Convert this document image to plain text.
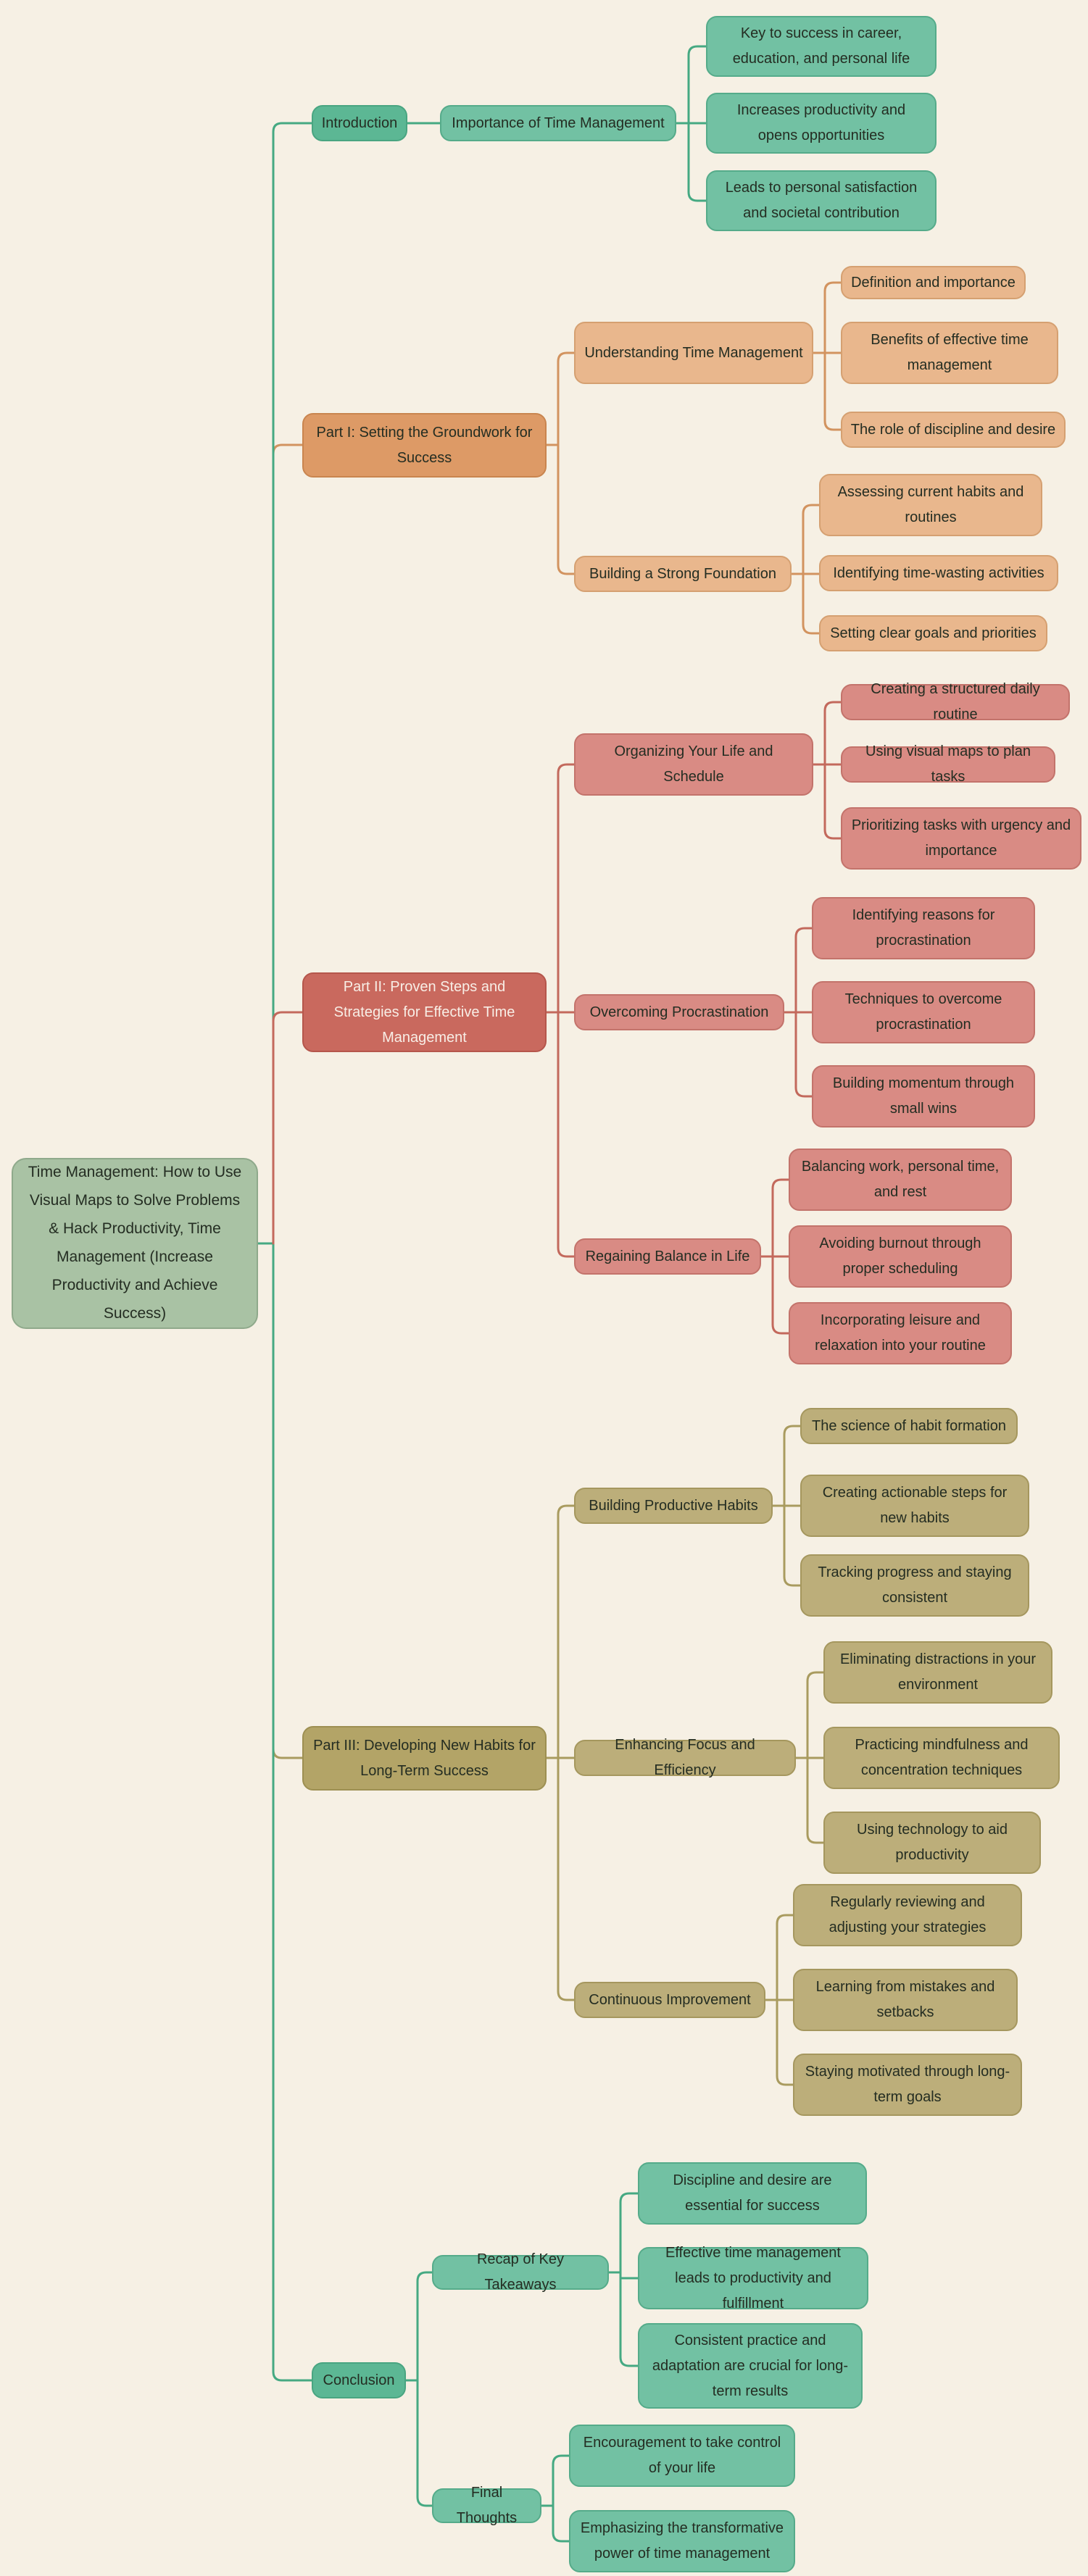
Time Management: How to Use Visual Maps to Solve Problems & Hack Productivity, Time Management (Increase Productivity and Achieve Success)
Introduction	Importance of Time Management
Key to success in career, education, and personal life
Increases productivity and opens opportunities
Leads to personal satisfaction and societal contribution
Part I: Setting the Groundwork for Success
Understanding Time Management
Definition and importance
Benefits of effective time management
The role of discipline and desire
Building a Strong Foundation
Assessing current habits and routines
Identifying time-wasting activities
Setting clear goals and priorities
Part II: Proven Steps and Strategies for Effective Time Management
Organizing Your Life and Schedule
Creating a structured daily routine
Using visual maps to plan tasks
Prioritizing tasks with urgency and importance
Overcoming Procrastination
Identifying reasons for procrastination
Techniques to overcome procrastination
Building momentum through small wins
Regaining Balance in Life
Balancing work, personal time, and rest
Avoiding burnout through proper scheduling
Incorporating leisure and relaxation into your routine
Part III: Developing New Habits for Long-Term Success
Building Productive Habits
The science of habit formation
Creating actionable steps for new habits
Tracking progress and staying consistent
Enhancing Focus and Efficiency
Eliminating distractions in your environment
Practicing mindfulness and concentration techniques
Using technology to aid productivity
Continuous Improvement
Regularly reviewing and adjusting your strategies
Learning from mistakes and setbacks
Staying motivated through long-term goals
Conclusion
Recap of Key Takeaways
Discipline and desire are essential for success
Effective time management leads to productivity and fulfillment
Consistent practice and adaptation are crucial for long-term results
Final Thoughts
Encouragement to take control of your life
Emphasizing the transformative power of time management
